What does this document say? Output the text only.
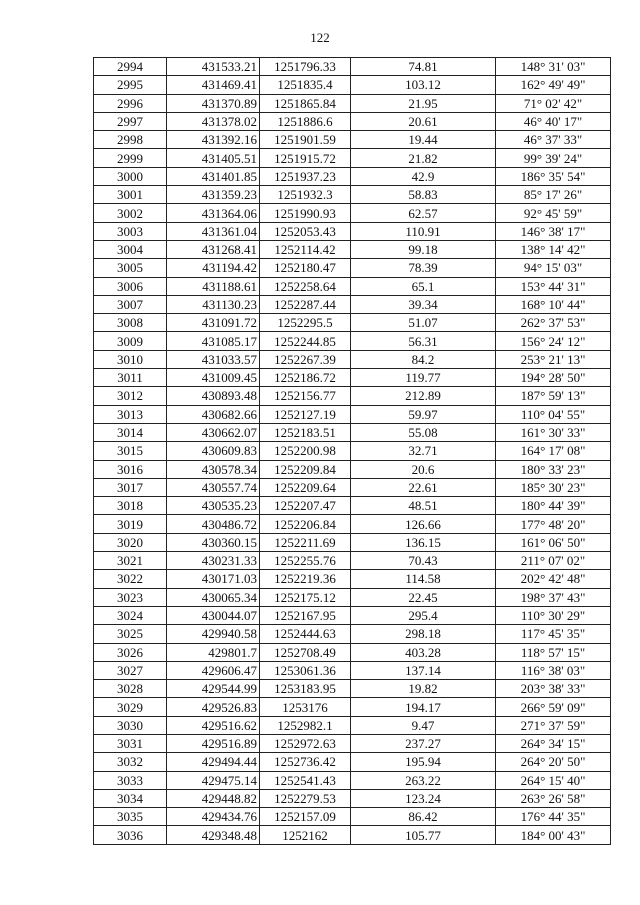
122
2994	431533.21	1251796.33	74.81	148° 31' 03"
2995	431469.41	1251835.4	103.12	162° 49' 49"
2996	431370.89	1251865.84	21.95	71° 02' 42"
2997	431378.02	1251886.6	20.61	46° 40' 17"
2998	431392.16	1251901.59	19.44	46° 37' 33"
2999	431405.51	1251915.72	21.82	99° 39' 24"
3000	431401.85	1251937.23	42.9	186° 35' 54"
3001	431359.23	1251932.3	58.83	85° 17' 26"
3002	431364.06	1251990.93	62.57	92° 45' 59"
3003	431361.04	1252053.43	110.91	146° 38' 17"
3004	431268.41	1252114.42	99.18	138° 14' 42"
3005	431194.42	1252180.47	78.39	94° 15' 03"
3006	431188.61	1252258.64	65.1	153° 44' 31"
3007	431130.23	1252287.44	39.34	168° 10' 44"
3008	431091.72	1252295.5	51.07	262° 37' 53"
3009	431085.17	1252244.85	56.31	156° 24' 12"
3010	431033.57	1252267.39	84.2	253° 21' 13"
3011	431009.45	1252186.72	119.77	194° 28' 50"
3012	430893.48	1252156.77	212.89	187° 59' 13"
3013	430682.66	1252127.19	59.97	110° 04' 55"
3014	430662.07	1252183.51	55.08	161° 30' 33"
3015	430609.83	1252200.98	32.71	164° 17' 08"
3016	430578.34	1252209.84	20.6	180° 33' 23"
3017	430557.74	1252209.64	22.61	185° 30' 23"
3018	430535.23	1252207.47	48.51	180° 44' 39"
3019	430486.72	1252206.84	126.66	177° 48' 20"
3020	430360.15	1252211.69	136.15	161° 06' 50"
3021	430231.33	1252255.76	70.43	211° 07' 02"
3022	430171.03	1252219.36	114.58	202° 42' 48"
3023	430065.34	1252175.12	22.45	198° 37' 43"
3024	430044.07	1252167.95	295.4	110° 30' 29"
3025	429940.58	1252444.63	298.18	117° 45' 35"
3026	429801.7	1252708.49	403.28	118° 57' 15"
3027	429606.47	1253061.36	137.14	116° 38' 03"
3028	429544.99	1253183.95	19.82	203° 38' 33"
3029	429526.83	1253176	194.17	266° 59' 09"
3030	429516.62	1252982.1	9.47	271° 37' 59"
3031	429516.89	1252972.63	237.27	264° 34' 15"
3032	429494.44	1252736.42	195.94	264° 20' 50"
3033	429475.14	1252541.43	263.22	264° 15' 40"
3034	429448.82	1252279.53	123.24	263° 26' 58"
3035	429434.76	1252157.09	86.42	176° 44' 35"
3036	429348.48	1252162	105.77	184° 00' 43"
